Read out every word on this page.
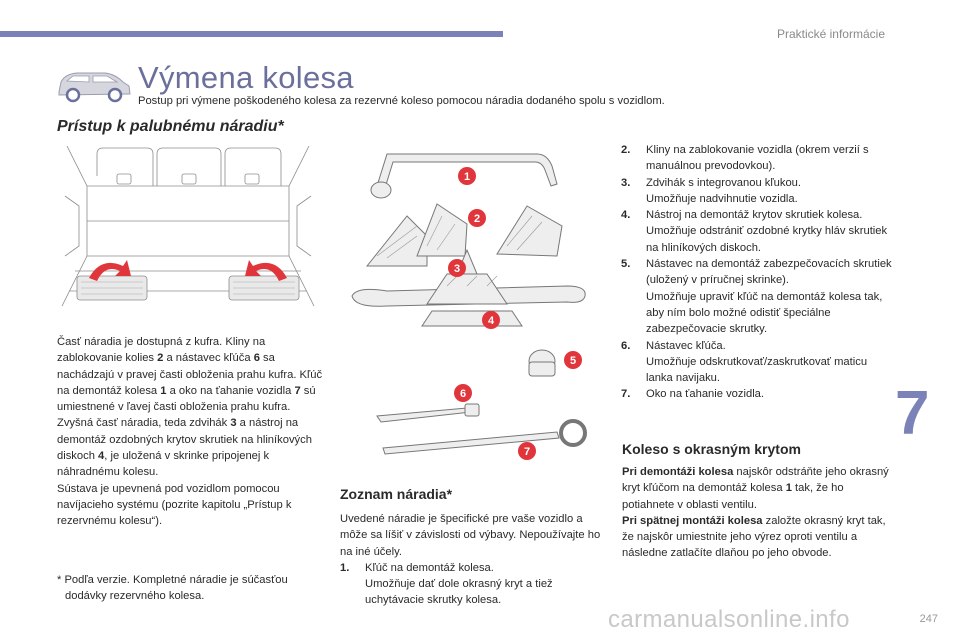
Praktické informácie
Výmena kolesa
Postup pri výmene poškodeného kolesa za rezervné koleso pomocou náradia dodaného spolu s vozidlom.
Prístup k palubnému náradiu*
Časť náradia je dostupná z kufra. Kliny na zablokovanie kolies 2 a nástavec kľúča 6 sa nachádzajú v pravej časti obloženia prahu kufra. Kľúč na demontáž kolesa 1 a oko na ťahanie vozidla 7 sú umiestnené v ľavej časti obloženia prahu kufra.
Zvyšná časť náradia, teda zdvihák 3 a nástroj na demontáž ozdobných krytov skrutiek na hliníkových diskoch 4, je uložená v skrinke pripojenej k náhradnému kolesu.
Sústava je upevnená pod vozidlom pomocou navíjacieho systému (pozrite kapitolu „Prístup k rezervnému kolesu“).
* Podľa verzie. Kompletné náradie je súčasťou
dodávky rezervného kolesa.
1
2
3
4
5
6
7
Zoznam náradia*
Uvedené náradie je špecifické pre vaše vozidlo a môže sa líšiť v závislosti od výbavy. Nepoužívajte ho na iné účely.
1. Kľúč na demontáž kolesa.
Umožňuje dať dole okrasný kryt a tiež uchytávacie skrutky kolesa.
2. Kliny na zablokovanie vozidla (okrem verzií s manuálnou prevodovkou).
3. Zdvihák s integrovanou kľukou.
Umožňuje nadvihnutie vozidla.
4. Nástroj na demontáž krytov skrutiek kolesa.
Umožňuje odstrániť ozdobné krytky hláv skrutiek na hliníkových diskoch.
5. Nástavec na demontáž zabezpečovacích skrutiek (uložený v príručnej skrinke).
Umožňuje upraviť kľúč na demontáž kolesa tak, aby ním bolo možné odistiť špeciálne zabezpečovacie skrutky.
6. Nástavec kľúča.
Umožňuje odskrutkovať/zaskrutkovať maticu lanka navijaku.
7. Oko na ťahanie vozidla.
Koleso s okrasným krytom
Pri demontáži kolesa najskôr odstráňte jeho okrasný kryt kľúčom na demontáž kolesa 1 tak, že ho potiahnete v oblasti ventilu.
Pri spätnej montáži kolesa založte okrasný kryt tak, že najskôr umiestnite jeho výrez oproti ventilu a následne zatlačíte dlaňou po jeho obvode.
7
carmanualsonline.info	247
